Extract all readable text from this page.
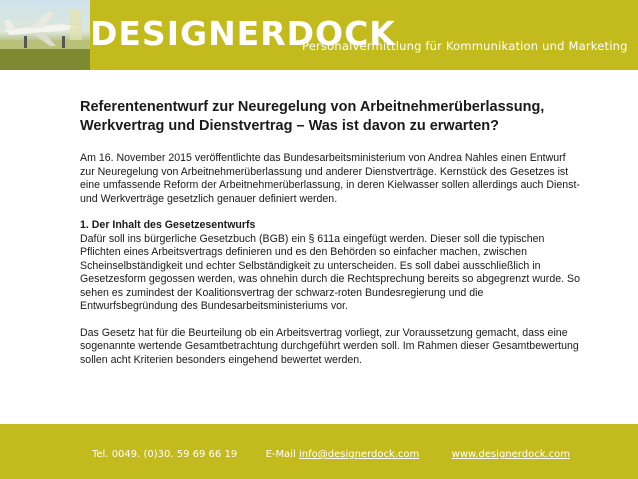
DESIGNERDOCK
Personalvermittlung für Kommunikation und Marketing

Referentenentwurf zur Neuregelung von Arbeitnehmerüberlassung, Werkvertrag und Dienstvertrag – Was ist davon zu erwarten?

Am 16. November 2015 veröffentlichte das Bundesarbeitsministerium von Andrea Nahles einen Entwurf zur Neuregelung von Arbeitnehmerüberlassung und anderer Dienstverträge. Kernstück des Gesetzes ist eine umfassende Reform der Arbeitnehmerüberlassung, in deren Kielwasser sollen allerdings auch Dienst- und Werkverträge gesetzlich genauer definiert werden.

1. Der Inhalt des Gesetzesentwurfs

Dafür soll ins bürgerliche Gesetzbuch (BGB) ein § 611a eingefügt werden. Dieser soll die typischen Pflichten eines Arbeitsvertrags definieren und es den Behörden so einfacher machen, zwischen Scheinselbständigkeit und echter Selbständigkeit zu unterscheiden. Es soll dabei ausschließlich in Gesetzesform gegossen werden, was ohnehin durch die Rechtsprechung bereits so abgegrenzt wurde. So sehen es zumindest der Koalitionsvertrag der schwarz-roten Bundesregierung und die Entwurfsbegründung des Bundesarbeitsministeriums vor.

Das Gesetz hat für die Beurteilung ob ein Arbeitsvertrag vorliegt, zur Voraussetzung gemacht, dass eine sogenannte wertende Gesamtbetrachtung durchgeführt werden soll. Im Rahmen dieser Gesamtbewertung sollen acht Kriterien besonders eingehend bewertet werden.

Tel. 0049. (0)30. 59 69 66 19	E-Mail info@designerdock.com	www.designerdock.com
